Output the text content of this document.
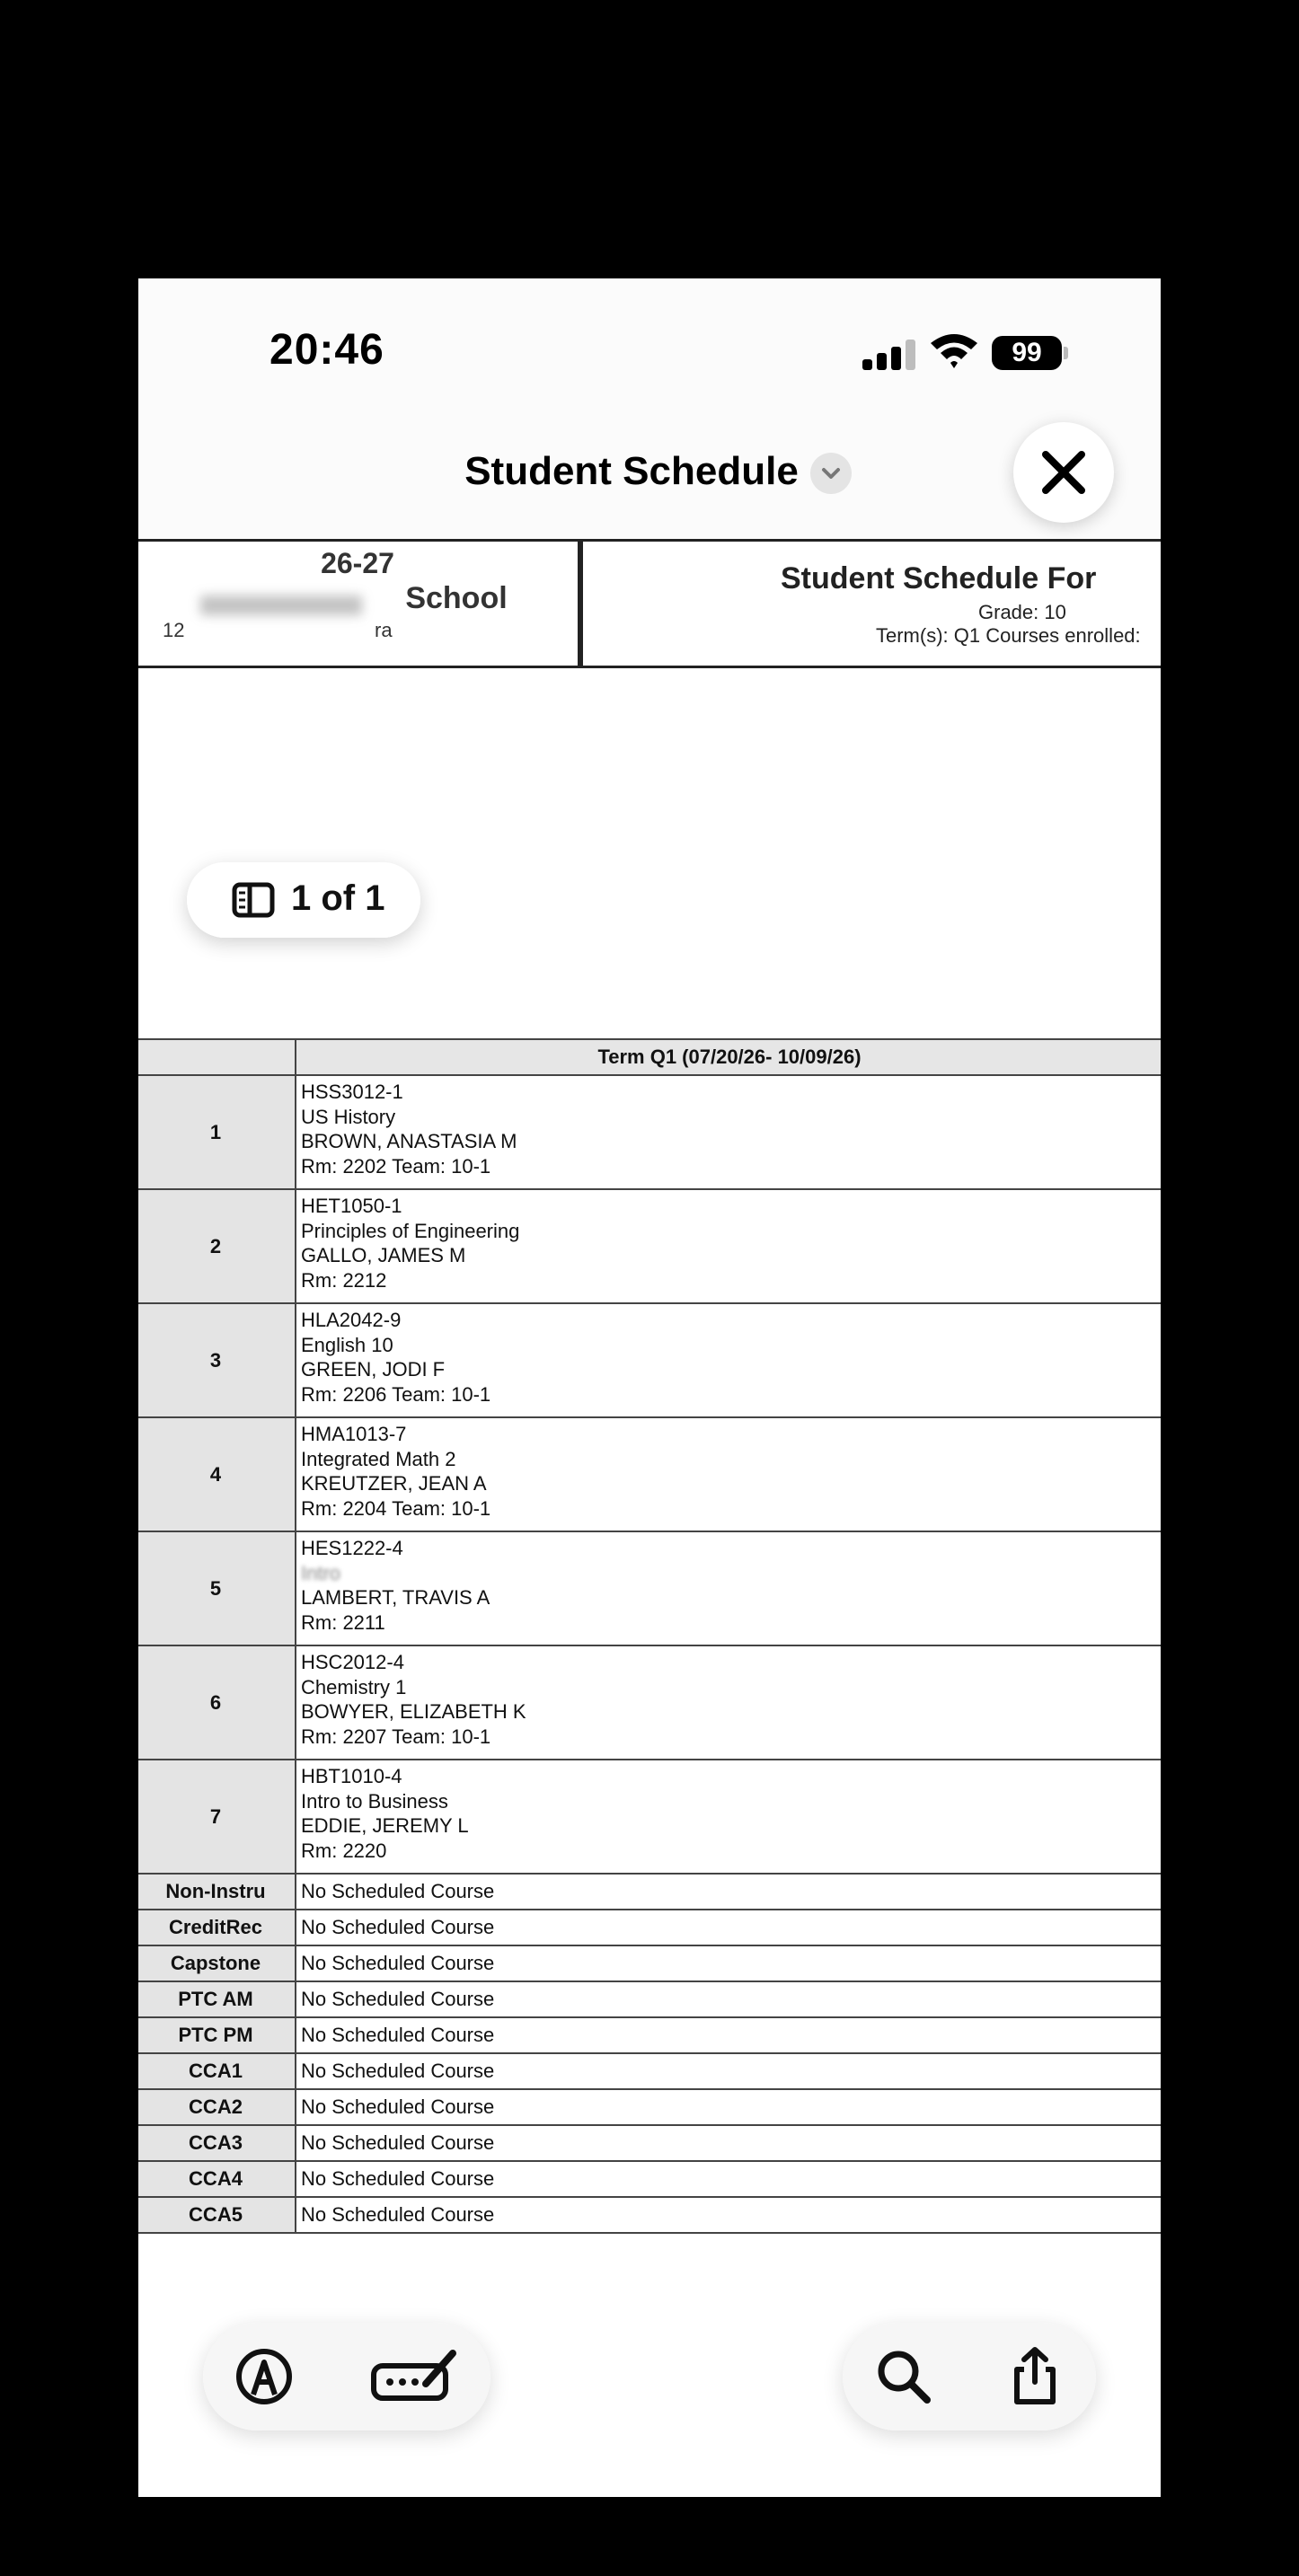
20:46	99
Student Schedule
26-27
School
12	ra
Student Schedule For
Grade: 10
Term(s): Q1 Courses enrolled:
1 of 1
	Term Q1 (07/20/26- 10/09/26)
1	HSS3012-1
US History
BROWN, ANASTASIA M
Rm: 2202 Team: 10-1

2	HET1050-1
Principles of Engineering
GALLO, JAMES M
Rm: 2212

3	HLA2042-9
English 10
GREEN, JODI F
Rm: 2206 Team: 10-1

4	HMA1013-7
Integrated Math 2
KREUTZER, JEAN A
Rm: 2204 Team: 10-1

5	HES1222-4
Intro
LAMBERT, TRAVIS A
Rm: 2211

6	HSC2012-4
Chemistry 1
BOWYER, ELIZABETH K
Rm: 2207 Team: 10-1

7	HBT1010-4
Intro to Business
EDDIE, JEREMY L
Rm: 2220

Non-Instru	No Scheduled Course
CreditRec	No Scheduled Course
Capstone	No Scheduled Course
PTC AM	No Scheduled Course
PTC PM	No Scheduled Course
CCA1	No Scheduled Course
CCA2	No Scheduled Course
CCA3	No Scheduled Course
CCA4	No Scheduled Course
CCA5	No Scheduled Course
